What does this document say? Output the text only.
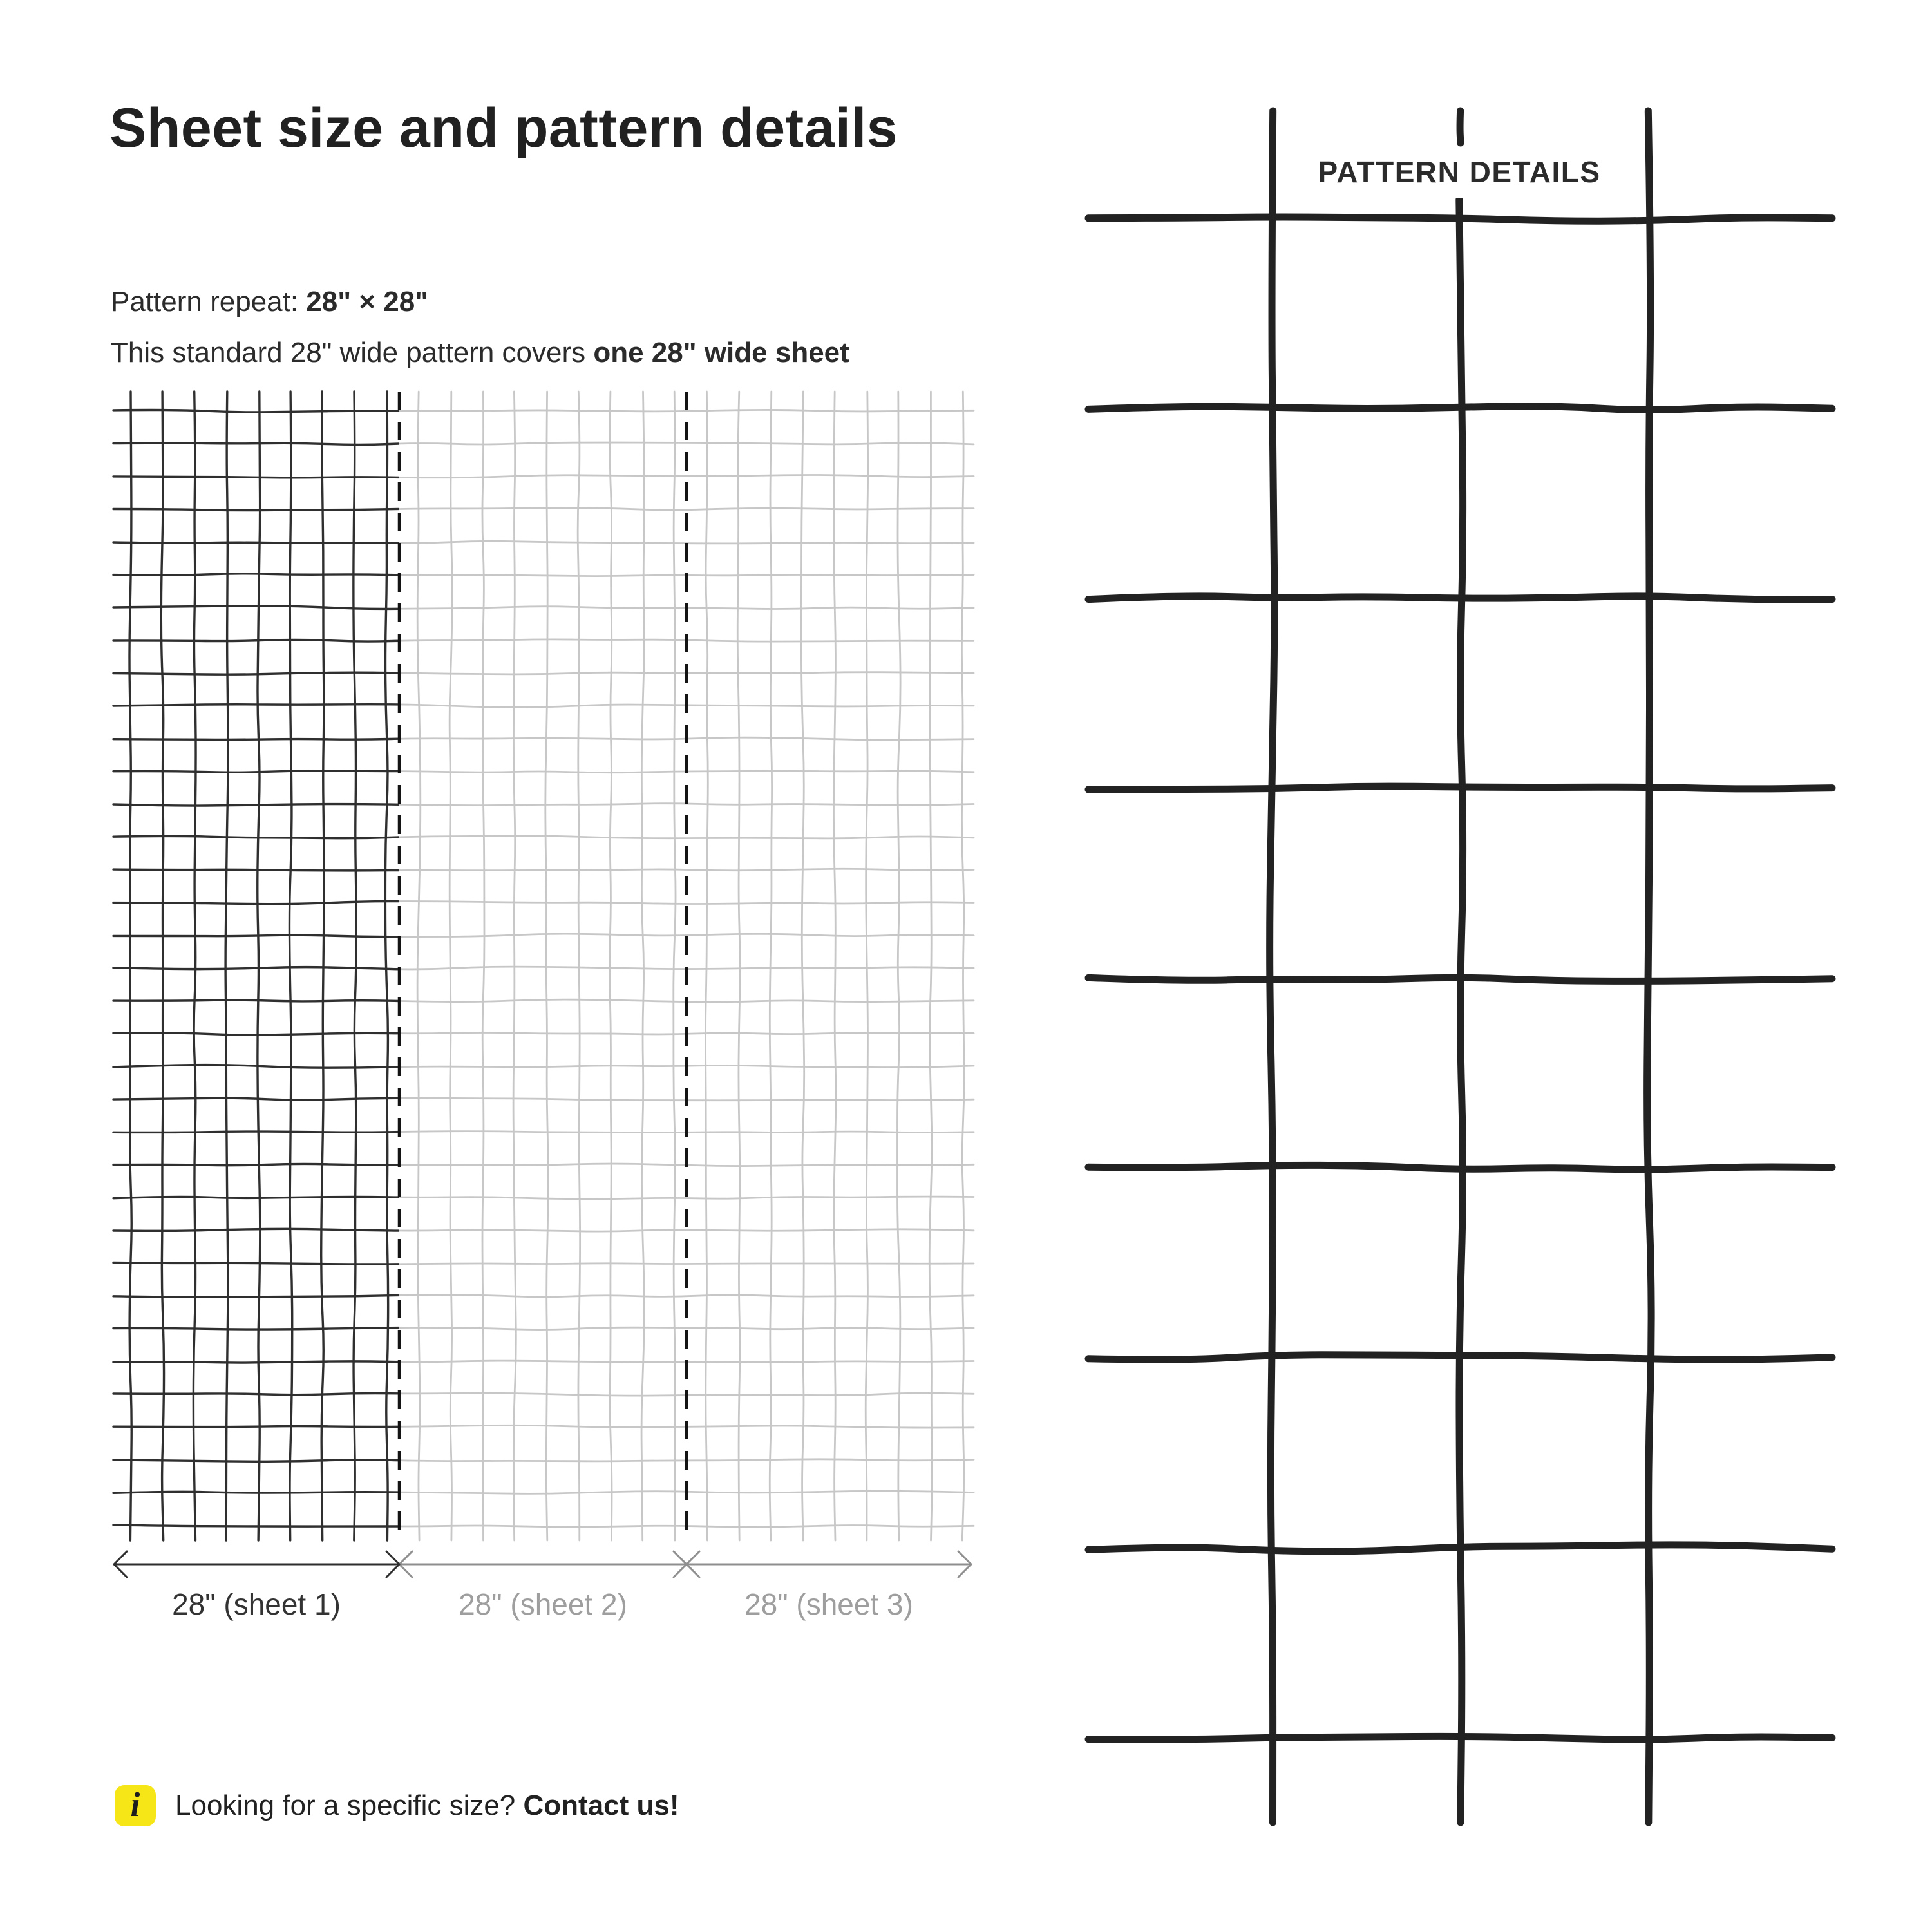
Sheet size and pattern details

Pattern repeat: 28" × 28"

This standard 28" wide pattern covers one 28" wide sheet

28" (sheet 1)	28" (sheet 2)	28" (sheet 3)
PATTERN DETAILS
i Looking for a specific size? Contact us!
